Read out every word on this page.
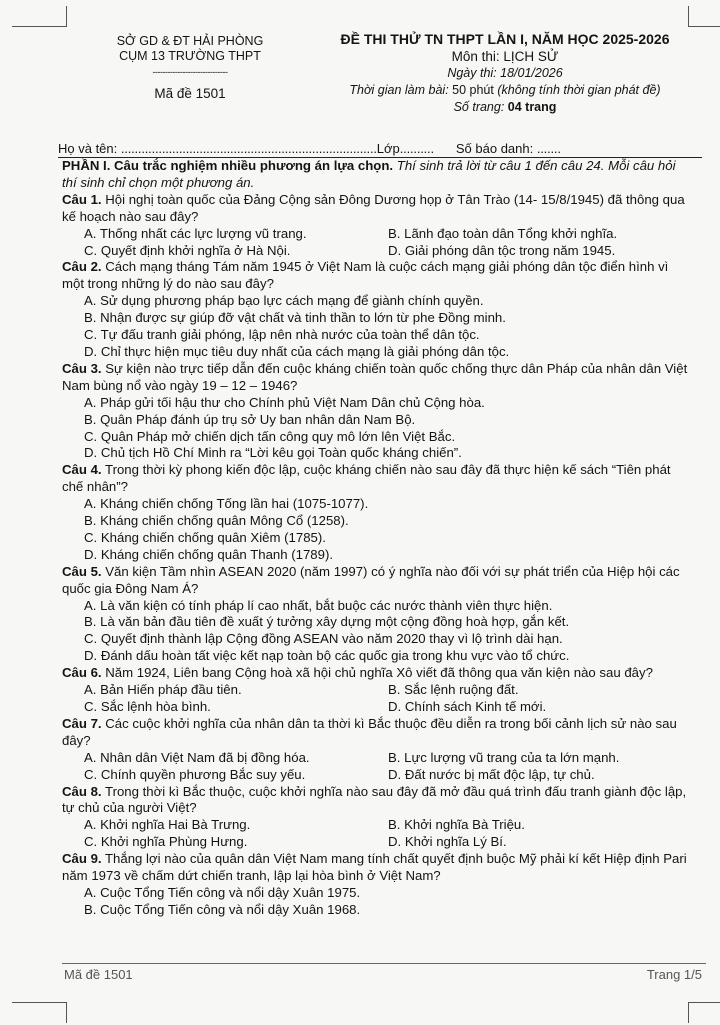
SỞ GD & ĐT HẢI PHÒNG
CỤM 13 TRƯỜNG THPT
------------------------------
Mã đề 1501
ĐỀ THI THỬ TN THPT LẦN I, NĂM HỌC 2025-2026
Môn thi: LỊCH SỬ
Ngày thi: 18/01/2026
Thời gian làm bài: 50 phút (không tính thời gian phát đề)
Số trang: 04 trang
Họ và tên: ...........................................................................Lớp.......... Số báo danh: .......

PHẦN I. Câu trắc nghiệm nhiều phương án lựa chọn. Thí sinh trả lời từ câu 1 đến câu 24. Mỗi câu hỏi thí sinh chỉ chọn một phương án.

Câu 1. Hội nghị toàn quốc của Đảng Cộng sản Đông Dương họp ở Tân Trào (14- 15/8/1945) đã thông qua kế hoạch nào sau đây?

A. Thống nhất các lực lượng vũ trang.	B. Lãnh đạo toàn dân Tổng khởi nghĩa.
C. Quyết định khởi nghĩa ở Hà Nội.	D. Giải phóng dân tộc trong năm 1945.

Câu 2. Cách mạng tháng Tám năm 1945 ở Việt Nam là cuộc cách mạng giải phóng dân tộc điển hình vì một trong những lý do nào sau đây?

A. Sử dụng phương pháp bạo lực cách mạng để giành chính quyền.
B. Nhận được sự giúp đỡ vật chất và tinh thần to lớn từ phe Đồng minh.
C. Tự đấu tranh giải phóng, lập nên nhà nước của toàn thể dân tộc.
D. Chỉ thực hiện mục tiêu duy nhất của cách mạng là giải phóng dân tộc.

Câu 3. Sự kiện nào trực tiếp dẫn đến cuộc kháng chiến toàn quốc chống thực dân Pháp của nhân dân Việt Nam bùng nổ vào ngày 19 – 12 – 1946?

A. Pháp gửi tối hậu thư cho Chính phủ Việt Nam Dân chủ Cộng hòa.
B. Quân Pháp đánh úp trụ sở Uy ban nhân dân Nam Bộ.
C. Quân Pháp mở chiến dịch tấn công quy mô lớn lên Việt Bắc.
D. Chủ tịch Hồ Chí Minh ra “Lời kêu gọi Toàn quốc kháng chiến”.

Câu 4. Trong thời kỳ phong kiến độc lập, cuộc kháng chiến nào sau đây đã thực hiện kế sách “Tiên phát chế nhân”?

A. Kháng chiến chống Tống lần hai (1075-1077).
B. Kháng chiến chống quân Mông Cổ (1258).
C. Kháng chiến chống quân Xiêm (1785).
D. Kháng chiến chống quân Thanh (1789).

Câu 5. Văn kiện Tầm nhìn ASEAN 2020 (năm 1997) có ý nghĩa nào đối với sự phát triển của Hiệp hội các quốc gia Đông Nam Á?

A. Là văn kiện có tính pháp lí cao nhất, bắt buộc các nước thành viên thực hiện.
B. Là văn bản đầu tiên đề xuất ý tưởng xây dựng một cộng đồng hoà hợp, gắn kết.
C. Quyết định thành lập Cộng đồng ASEAN vào năm 2020 thay vì lộ trình dài hạn.
D. Đánh dấu hoàn tất việc kết nạp toàn bộ các quốc gia trong khu vực vào tổ chức.

Câu 6. Năm 1924, Liên bang Cộng hoà xã hội chủ nghĩa Xô viết đã thông qua văn kiện nào sau đây?

A. Bản Hiến pháp đầu tiên.	B. Sắc lệnh ruộng đất.
C. Sắc lệnh hòa bình.	D. Chính sách Kinh tế mới.

Câu 7. Các cuộc khởi nghĩa của nhân dân ta thời kì Bắc thuộc đều diễn ra trong bối cảnh lịch sử nào sau đây?

A. Nhân dân Việt Nam đã bị đồng hóa.	B. Lực lượng vũ trang của ta lớn mạnh.
C. Chính quyền phương Bắc suy yếu.	D. Đất nước bị mất độc lập, tự chủ.

Câu 8. Trong thời kì Bắc thuộc, cuộc khởi nghĩa nào sau đây đã mở đầu quá trình đấu tranh giành độc lập, tự chủ của người Việt?

A. Khởi nghĩa Hai Bà Trưng.	B. Khởi nghĩa Bà Triệu.
C. Khởi nghĩa Phùng Hưng.	D. Khởi nghĩa Lý Bí.

Câu 9. Thắng lợi nào của quân dân Việt Nam mang tính chất quyết định buộc Mỹ phải kí kết Hiệp định Pari năm 1973 về chấm dứt chiến tranh, lập lại hòa bình ở Việt Nam?

A. Cuộc Tổng Tiến công và nổi dậy Xuân 1975.
B. Cuộc Tổng Tiến công và nổi dậy Xuân 1968.
Mã đề 1501	Trang 1/5
